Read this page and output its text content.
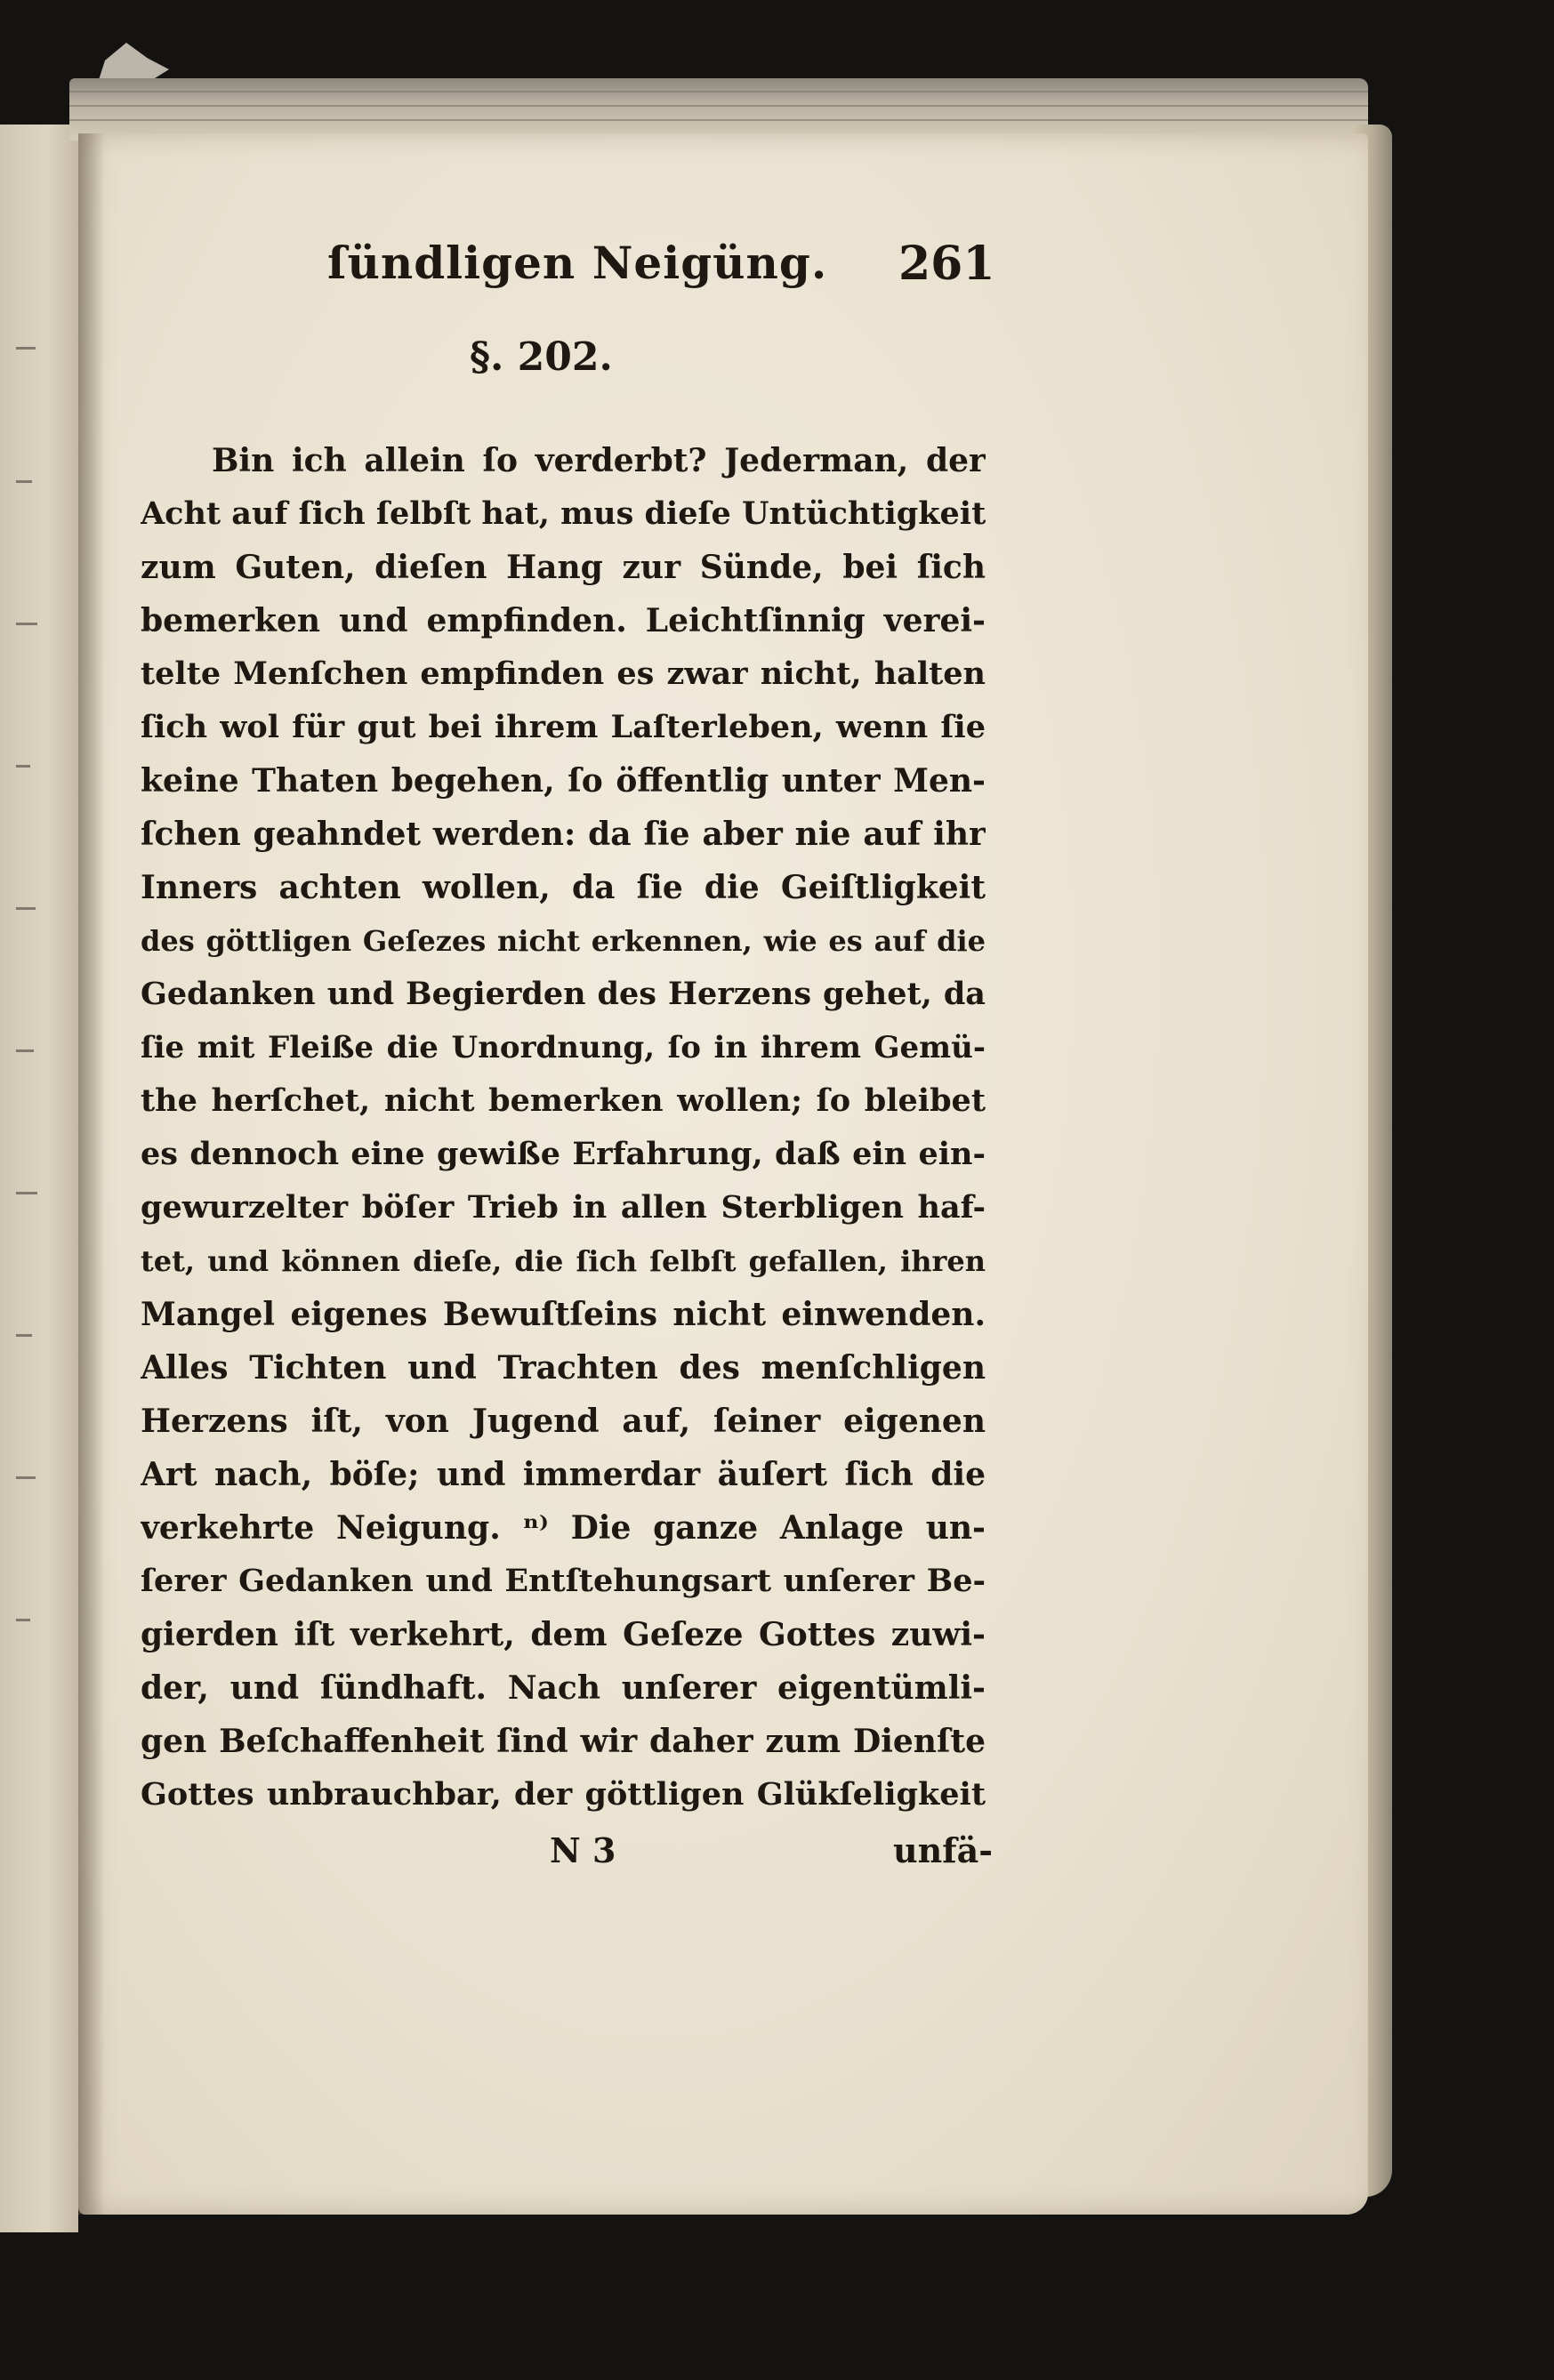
ſündligen Neigüng. 261
§. 202.
Bin ich allein ſo verderbt? Jederman, der
Acht auf ſich ſelbſt hat, mus dieſe Untüchtigkeit
zum Guten, dieſen Hang zur Sünde, bei ſich
bemerken und empfinden. Leichtſinnig verei-
telte Menſchen empfinden es zwar nicht, halten
ſich wol für gut bei ihrem Laſterleben, wenn ſie
keine Thaten begehen, ſo öffentlig unter Men-
ſchen geahndet werden: da ſie aber nie auf ihr
Inners achten wollen, da ſie die Geiſtligkeit
des göttligen Geſezes nicht erkennen, wie es auf die
Gedanken und Begierden des Herzens gehet, da
ſie mit Fleiße die Unordnung, ſo in ihrem Gemü-
the herſchet, nicht bemerken wollen; ſo bleibet
es dennoch eine gewiße Erfahrung, daß ein ein-
gewurzelter böſer Trieb in allen Sterbligen haf-
tet, und können dieſe, die ſich ſelbſt gefallen, ihren
Mangel eigenes Bewuſtſeins nicht einwenden.
Alles Tichten und Trachten des menſchligen
Herzens iſt, von Jugend auf, ſeiner eigenen
Art nach, böſe; und immerdar äuſert ſich die
verkehrte Neigung. ⁿ⁾ Die ganze Anlage un-
ſerer Gedanken und Entſtehungsart unſerer Be-
gierden iſt verkehrt, dem Geſeze Gottes zuwi-
der, und ſündhaft. Nach unſerer eigentümli-
gen Beſchaffenheit ſind wir daher zum Dienſte
Gottes unbrauchbar, der göttligen Glükſeligkeit
N 3	unfä-
